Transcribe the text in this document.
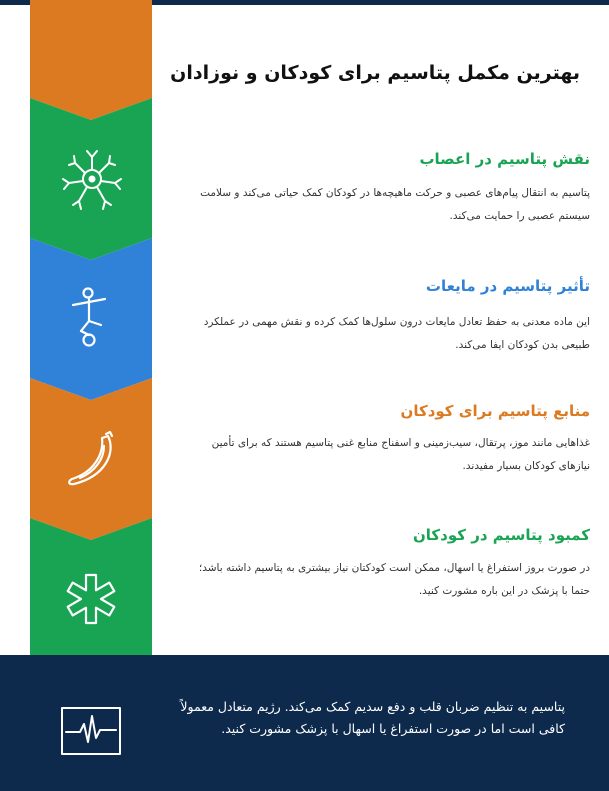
بهترین مکمل پتاسیم برای کودکان و نوزادان
نقش پتاسیم در اعصاب
پتاسیم به انتقال پیام‌های عصبی و حرکت ماهیچه‌ها در کودکان کمک حیاتی می‌کند و سلامت
سیستم عصبی را حمایت می‌کند.
تأثیر پتاسیم در مایعات
این ماده معدنی به حفظ تعادل مایعات درون سلول‌ها کمک کرده و نقش مهمی در عملکرد
طبیعی بدن کودکان ایفا می‌کند.
منابع پتاسیم برای کودکان
غذاهایی مانند موز، پرتقال، سیب‌زمینی و اسفناج منابع غنی پتاسیم هستند که برای تأمین
نیازهای کودکان بسیار مفیدند.
کمبود پتاسیم در کودکان
در صورت بروز استفراغ یا اسهال، ممکن است کودکتان نیاز بیشتری به پتاسیم داشته باشد؛
حتما با پزشک در این باره مشورت کنید.
پتاسیم به تنظیم ضربان قلب و دفع سدیم کمک می‌کند. رژیم متعادل معمولاً
کافی است اما در صورت استفراغ یا اسهال با پزشک مشورت کنید.
